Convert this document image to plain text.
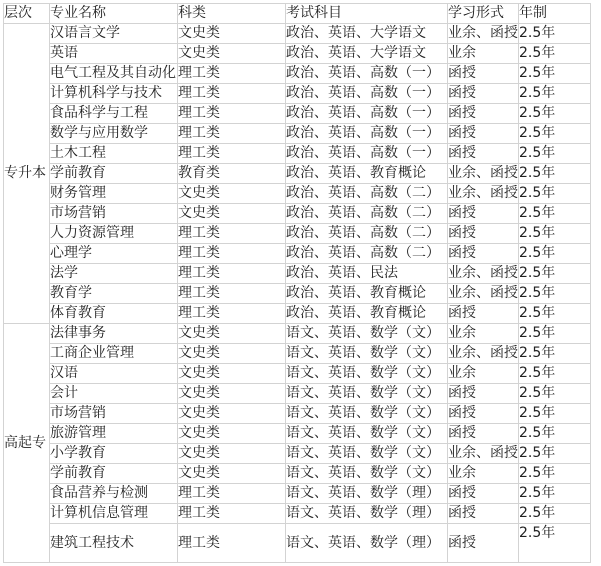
层次	专业名称	科类	考试科目	学习形式	年制
专升本	汉语言文学	文史类	政治、英语、大学语文	业余、函授	2.5年
	英语	文史类	政治、英语、大学语文	业余	2.5年
	电气工程及其自动化	理工类	政治、英语、高数（一）	函授	2.5年
	计算机科学与技术	理工类	政治、英语、高数（一）	函授	2.5年
	食品科学与工程	理工类	政治、英语、高数（一）	函授	2.5年
	数学与应用数学	理工类	政治、英语、高数（一）	函授	2.5年
	土木工程	理工类	政治、英语、高数（一）	函授	2.5年
	学前教育	教育类	政治、英语、教育概论	业余、函授	2.5年
	财务管理	文史类	政治、英语、高数（二）	业余、函授	2.5年
	市场营销	文史类	政治、英语、高数（二）	函授	2.5年
	人力资源管理	理工类	政治、英语、高数（二）	函授	2.5年
	心理学	理工类	政治、英语、高数（二）	函授	2.5年
	法学	理工类	政治、英语、民法	业余、函授	2.5年
	教育学	理工类	政治、英语、教育概论	业余、函授	2.5年
	体育教育	理工类	政治、英语、教育概论	函授	2.5年
高起专	法律事务	文史类	语文、英语、数学（文）	业余	2.5年
	工商企业管理	文史类	语文、英语、数学（文）	业余、函授	2.5年
	汉语	文史类	语文、英语、数学（文）	业余	2.5年
	会计	文史类	语文、英语、数学（文）	函授	2.5年
	市场营销	文史类	语文、英语、数学（文）	函授	2.5年
	旅游管理	文史类	语文、英语、数学（文）	函授	2.5年
	小学教育	文史类	语文、英语、数学（文）	业余、函授	2.5年
	学前教育	文史类	语文、英语、数学（文）	业余	2.5年
	食品营养与检测	理工类	语文、英语、数学（理）	函授	2.5年
	计算机信息管理	理工类	语文、英语、数学（理）	函授	2.5年
	建筑工程技术	理工类	语文、英语、数学（理）	函授	2.5年
